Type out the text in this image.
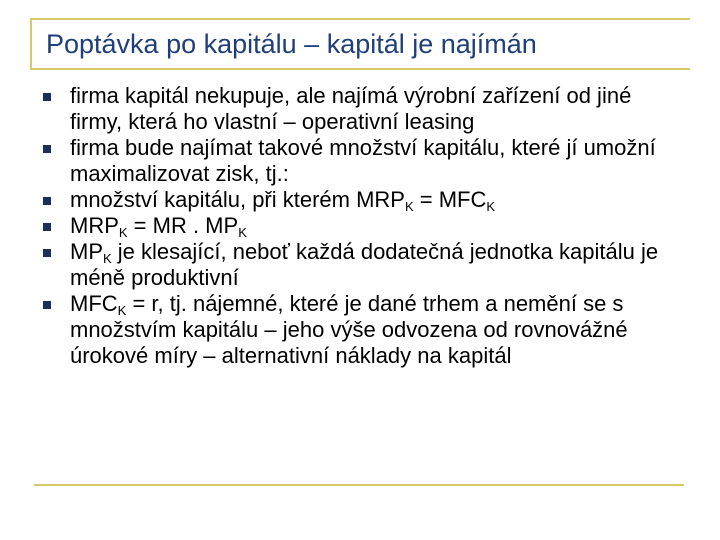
Poptávka po kapitálu – kapitál je najímán
firma kapitál nekupuje, ale najímá výrobní zařízení od jiné firmy, která ho vlastní – operativní leasing
firma bude najímat takové množství kapitálu, které jí umožní maximalizovat zisk, tj.:
množství kapitálu, při kterém $MRP_K = MFC_K$
$MRP_K$ = MR . $MP_K$
$MP_K$ je klesající, neboť každá dodatečná jednotka kapitálu je méně produktivní
$MFC_K = r$, tj. nájemné, které je dané trhem a nemění se s množstvím kapitálu – jeho výše odvozena od rovnovážné úrokové míry – alternativní náklady na kapitál
